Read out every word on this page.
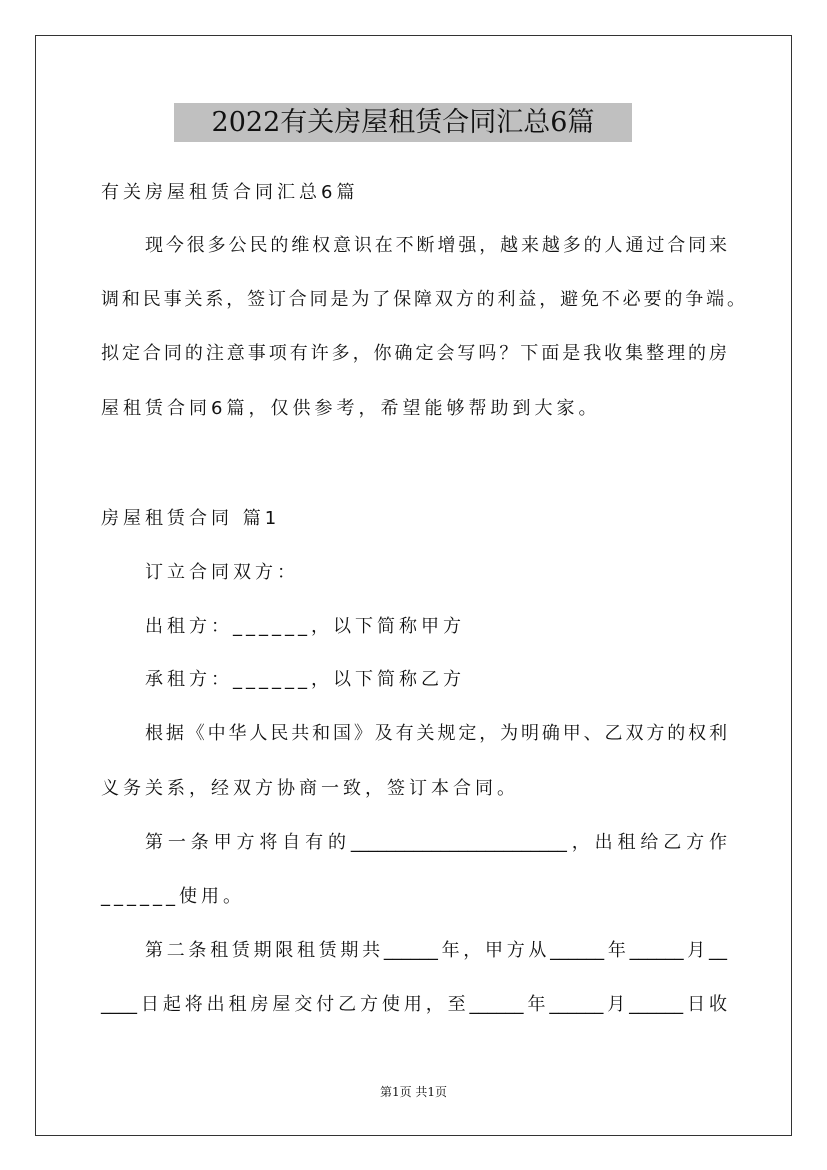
2022有关房屋租赁合同汇总6篇
有关房屋租赁合同汇总6篇
现今很多公民的维权意识在不断增强，越来越多的人通过合同来
调和民事关系，签订合同是为了保障双方的利益，避免不必要的争端。
拟定合同的注意事项有许多，你确定会写吗？下面是我收集整理的房
屋租赁合同6篇，仅供参考，希望能够帮助到大家。
房屋租赁合同 篇1
订立合同双方：
出租方：______，以下简称甲方
承租方：______，以下简称乙方
根据《中华人民共和国》及有关规定，为明确甲、乙双方的权利
义务关系，经双方协商一致，签订本合同。
第一条甲方将自有的________________________，出租给乙方作
______使用。
第二条租赁期限租赁期共______年，甲方从______年______月__
____日起将出租房屋交付乙方使用，至______年______月______日收
第1页 共1页
